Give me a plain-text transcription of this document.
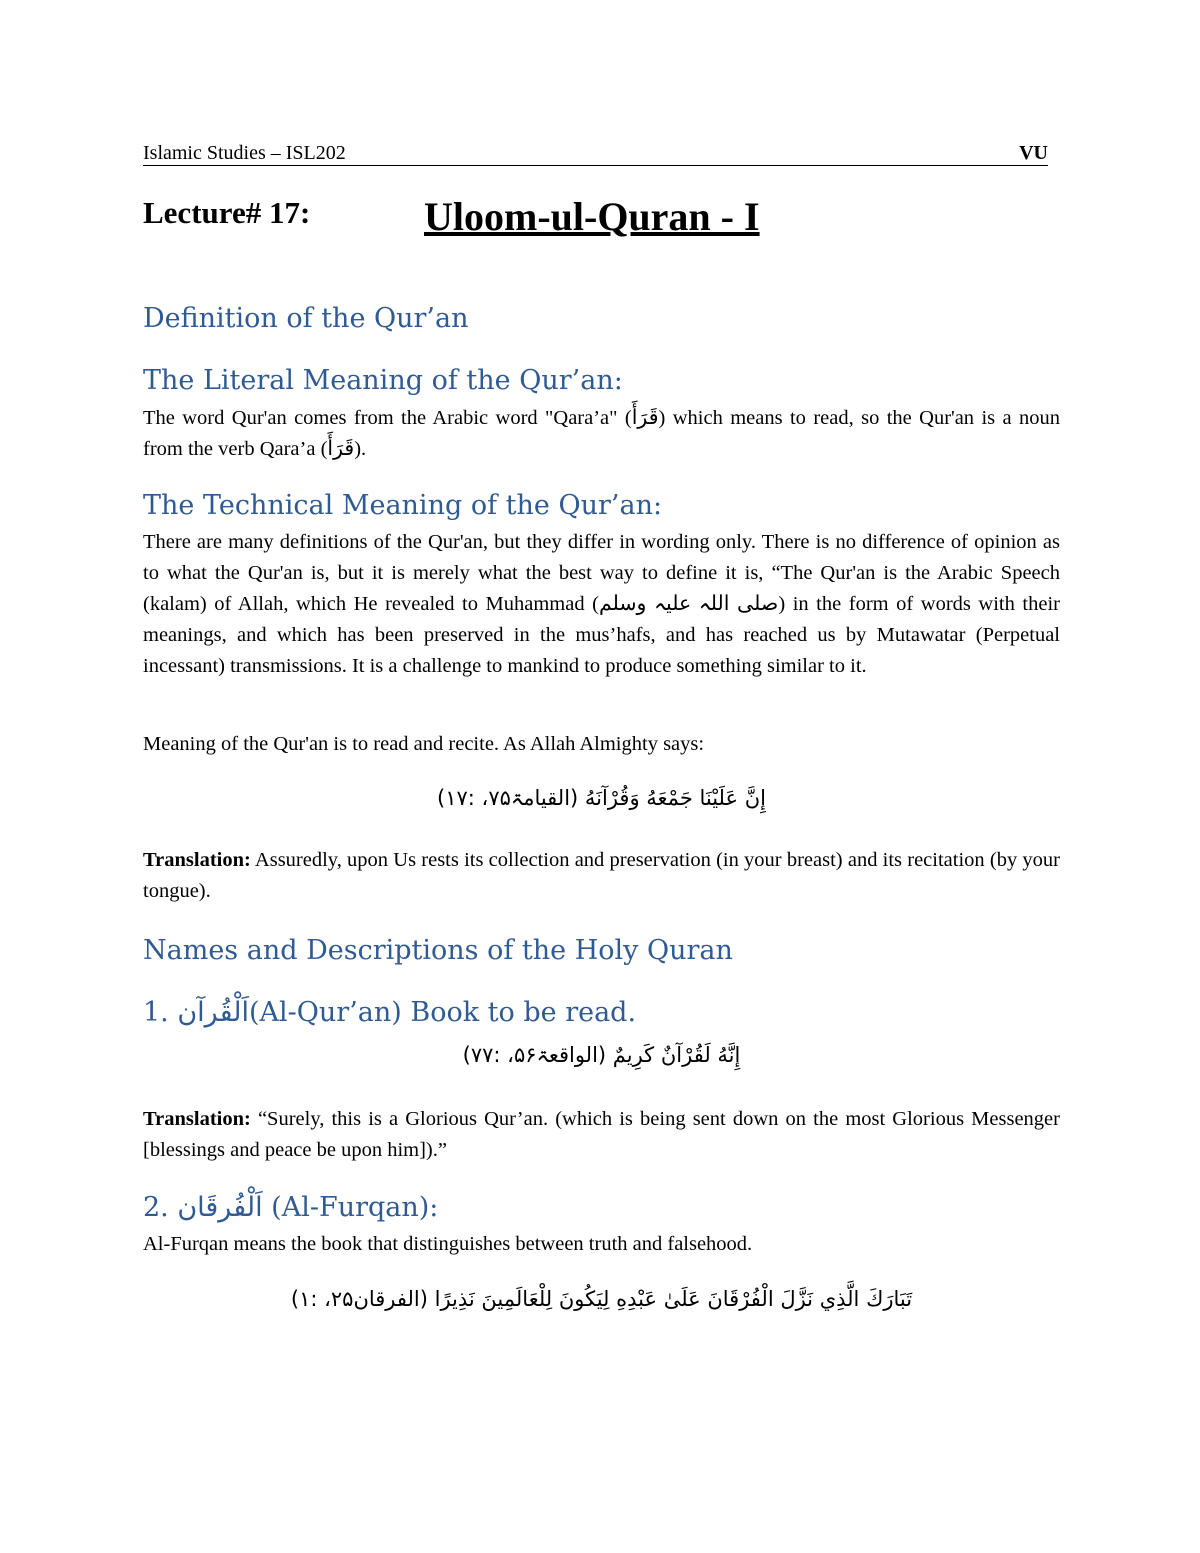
Islamic Studies – ISL202	VU
Lecture# 17:	Uloom-ul-Quran - I
Definition of the Qur’an
The Literal Meaning of the Qur’an:
The word Qur'an comes from the Arabic word "Qara’a" (قَرَأَ) which means to read, so the Qur'an is a noun from the verb Qara’a (قَرَأَ).
The Technical Meaning of the Qur’an:
There are many definitions of the Qur'an, but they differ in wording only. There is no difference of opinion as to what the Qur'an is, but it is merely what the best way to define it is, “The Qur'an is the Arabic Speech (kalam) of Allah, which He revealed to Muhammad (صلی اللہ علیہ وسلم) in the form of words with their meanings, and which has been preserved in the mus’hafs, and has reached us by Mutawatar (Perpetual incessant) transmissions. It is a challenge to mankind to produce something similar to it.
Meaning of the Qur'an is to read and recite. As Allah Almighty says:
إِنَّ عَلَيْنَا جَمْعَهُ وَقُرْآنَهُ (القیامۃ۷۵، :۱۷)
Translation: Assuredly, upon Us rests its collection and preservation (in your breast) and its recitation (by your tongue).
Names and Descriptions of the Holy Quran
1. اَلْقُرآن(Al-Qur’an) Book to be read.
إِنَّهُ لَقُرْآنٌ كَرِيمٌ (الواقعۃ۵۶، :۷۷)
Translation: “Surely, this is a Glorious Qur’an. (which is being sent down on the most Glorious Messenger [blessings and peace be upon him]).”
2. اَلْفُرقَان (Al-Furqan):
Al-Furqan means the book that distinguishes between truth and falsehood.
تَبَارَكَ الَّذِي نَزَّلَ الْفُرْقَانَ عَلَىٰ عَبْدِهِ لِيَكُونَ لِلْعَالَمِينَ نَذِيرًا (الفرقان۲۵، :۱)
